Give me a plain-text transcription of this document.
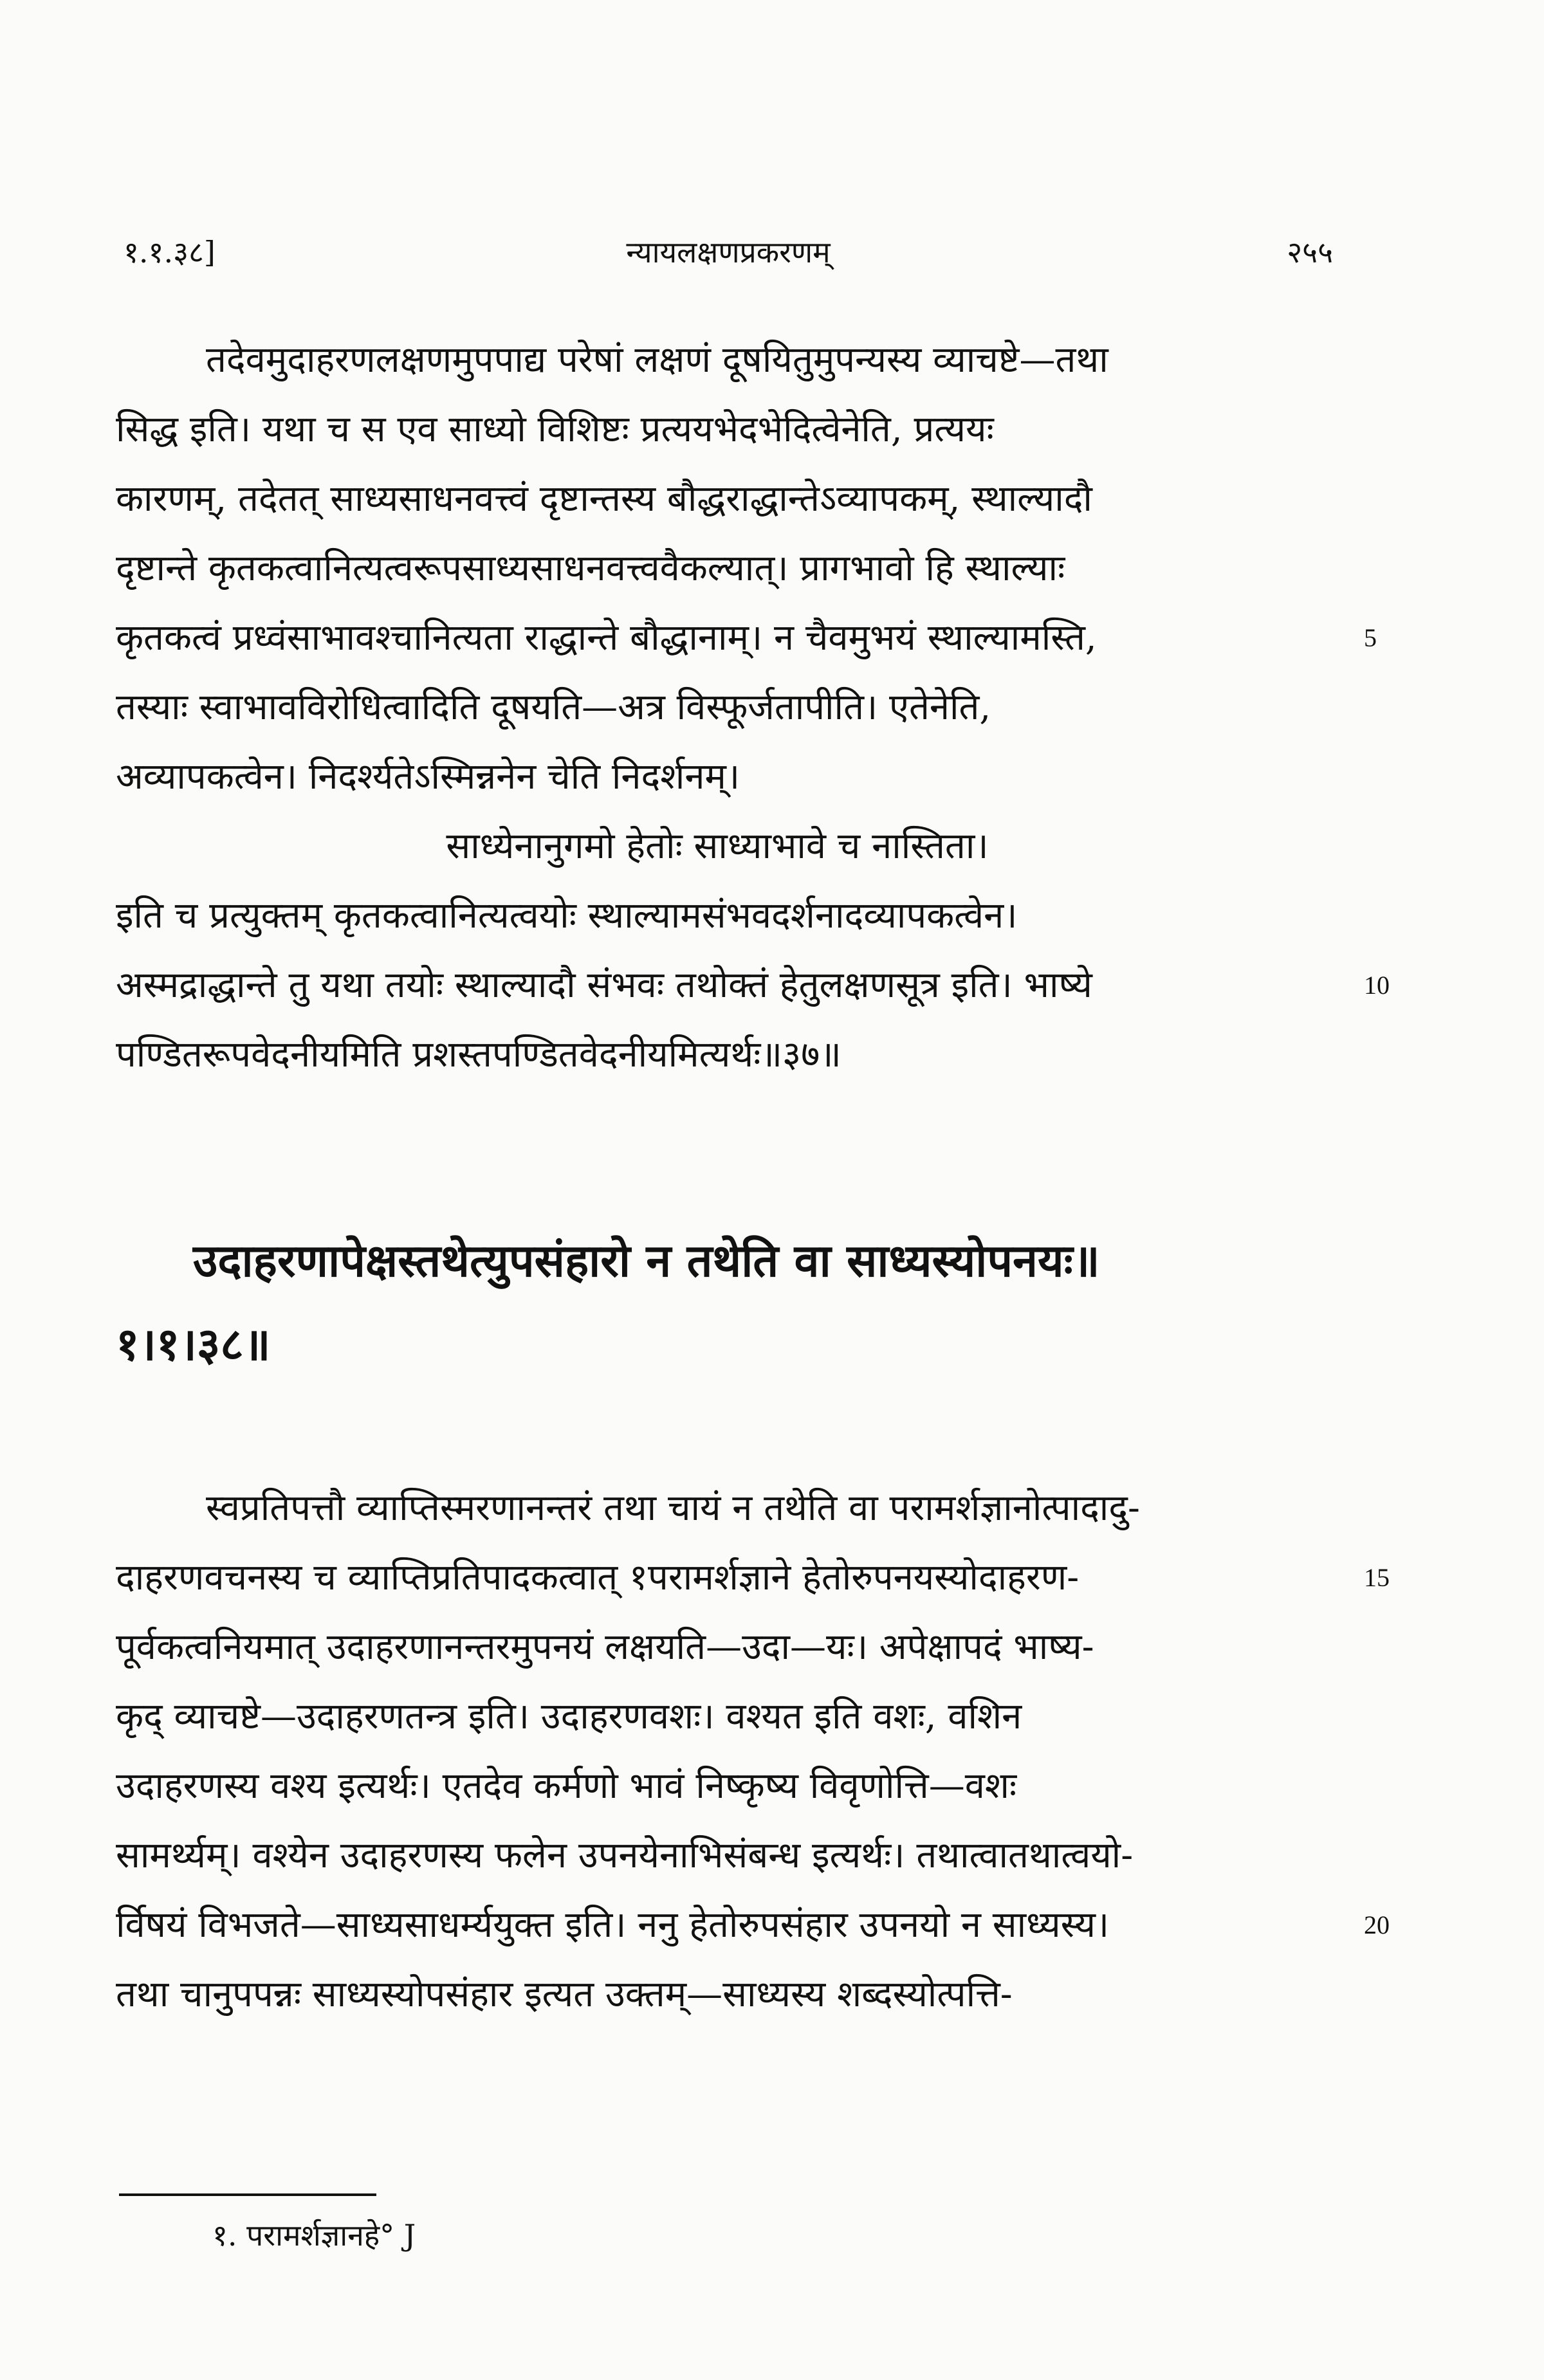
१.१.३८]	न्यायलक्षणप्रकरणम्	२५५
तदेवमुदाहरणलक्षणमुपपाद्य परेषां लक्षणं दूषयितुमुपन्यस्य व्याचष्टे—तथा
सिद्ध इति। यथा च स एव साध्यो विशिष्टः प्रत्ययभेदभेदित्वेनेति, प्रत्ययः
कारणम्, तदेतत् साध्यसाधनवत्त्वं दृष्टान्तस्य बौद्धराद्धान्तेऽव्यापकम्, स्थाल्यादौ
दृष्टान्ते कृतकत्वानित्यत्वरूपसाध्यसाधनवत्त्ववैकल्यात्। प्रागभावो हि स्थाल्याः
कृतकत्वं प्रध्वंसाभावश्चानित्यता राद्धान्ते बौद्धानाम्। न चैवमुभयं स्थाल्यामस्ति,
तस्याः स्वाभावविरोधित्वादिति दूषयति—अत्र विस्फूर्जतापीति। एतेनेति,
अव्यापकत्वेन। निदर्श्यतेऽस्मिन्ननेन चेति निदर्शनम्।
साध्येनानुगमो हेतोः साध्याभावे च नास्तिता।
इति च प्रत्युक्तम् कृतकत्वानित्यत्वयोः स्थाल्यामसंभवदर्शनादव्यापकत्वेन।
अस्मद्राद्धान्ते तु यथा तयोः स्थाल्यादौ संभवः तथोक्तं हेतुलक्षणसूत्र इति। भाष्ये
पण्डितरूपवेदनीयमिति प्रशस्तपण्डितवेदनीयमित्यर्थः॥३७॥
उदाहरणापेक्षस्तथेत्युपसंहारो न तथेति वा साध्यस्योपनयः॥
१।१।३८॥
स्वप्रतिपत्तौ व्याप्तिस्मरणानन्तरं तथा चायं न तथेति वा परामर्शज्ञानोत्पादादु-
दाहरणवचनस्य च व्याप्तिप्रतिपादकत्वात् १परामर्शज्ञाने हेतोरुपनयस्योदाहरण-
पूर्वकत्वनियमात् उदाहरणानन्तरमुपनयं लक्षयति—उदा—यः। अपेक्षापदं भाष्य-
कृद् व्याचष्टे—उदाहरणतन्त्र इति। उदाहरणवशः। वश्यत इति वशः, वशिन
उदाहरणस्य वश्य इत्यर्थः। एतदेव कर्मणो भावं निष्कृष्य विवृणोत्ति—वशः
सामर्थ्यम्। वश्येन उदाहरणस्य फलेन उपनयेनाभिसंबन्ध इत्यर्थः। तथात्वातथात्वयो-
र्विषयं विभजते—साध्यसाधर्म्ययुक्त इति। ननु हेतोरुपसंहार उपनयो न साध्यस्य।
तथा चानुपपन्नः साध्यस्योपसंहार इत्यत उक्तम्—साध्यस्य शब्दस्योत्पत्ति-
5
10
15
20
१. परामर्शज्ञानहे° J
